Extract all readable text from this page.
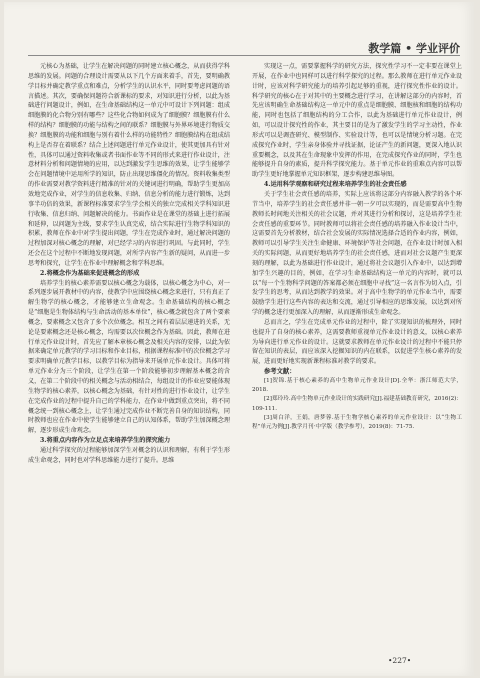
教学篇 • 学业评价

元核心为基础，让学生在解决问题的同时建立核心概念，从而获得学科思维的发展。问题的合理设计需要从以下几个方面来着手，首先，要明确教学目标并确定教学重点和难点，分析学生的认识水平，同时要考虑问题的语言描述。其次，要确保问题符合新课标的要求，对知识进行分析，以此为基础进行问题设计，例如，在生命基础结构这一单元中可设计下列问题：组成细胞膜的化合物分别有哪些？这些化合物如何成为了细胞膜？细胞膜有什么样的结构？细胞膜的功能与结构之间的联系？细胞膜与外界环境进行物质交换？细胞膜的功能和细胞与别有着什么样的功能特性？细胞膜结构在组成结构上是否存在着联系？结合上述问题进行单元作业设计，使其更加具有针对性，具体可以通过资料收集或者书面作业等不同的形式来进行作业设计，注意材料分析和问题情境的应用，以达到激发学生思维的效果，让学生能够学会在问题情境中运用所学的知识，防止出现思维僵化的情况。资料收集类型的作业需要对教学资料进行精准的针对的关键词进行明确，帮助学生更加高效地完成作业，对学生的信息收集、归纳、信息分析的能力进行锻炼，达到事半功倍的效果，新课程标准要求学生学会相关的独立完成相关学科知识进行收集、信息归纳、问题解决的能力。书面作业是在课堂的基础上进行拓展和延伸，以问题为主线，要求学生认真完成，结合实际进行生物学科知识的积累，教师在作业中对学生提出问题，学生在完成作业时，通过解决问题的过程加深对核心概念的理解，对已经学习的内容进行巩固。与此同时，学生还会在这个过程中不断地发现问题，对所学内容产生新的疑问，从而进一步思考和探究，让学生在作业中理解概念和学科思维。

2.将概念作为基础来促进概念的形成

培养学生的核心素养需要以核心概念为载体，以核心概念为中心，对一系列逐步展开教材中的内容，使教学中应围绕核心概念来进行，只有真正了解生物学的核心概念，才能够建立生命观念。生命基础结构的核心概念是“细胞是生物体结构与生命活动的基本单位”，核心概念就包含了两个要素概念，要素概念又包含了多个次位概念。相互之间有着层层递进的关系，无论是要素概念还是核心概念，均需要以次位概念作为基础。因此，教师在进行单元作业设计时，首先应了解本章核心概念及相关内容的安排，以此为依据来确定单元教学的学习目标和作业目标，根据课程标准中的次位概念学习要求明确单元教学目标，以教学目标为指导来开展单元作业设计。具体可将单元作业分为三个阶段，让学生在第一个阶段能够初步理解基本概念的含义，在第二个阶段中的相关概念与活动相结合，每组设计的作业应要能体现生物学的核心素养，以核心概念为基础，有针对性的进行作业设计，让学生在完成作业的过程中提升自己的学科能力，在作业中做到重点突出，将不同概念统一到核心概念上，让学生通过完成作业不断完善自身的知识结构，同时教师也应在作业中使学生能够建立自己的认知体系，帮助学生加深概念理解，逐步形成生命观念。

3.将重点内容作为立足点来培养学生的探究能力

通过科学探究的过程能够加深学生对概念的认识和理解，有利于学生形成生命观念，同时也对学科思维能力进行了提升。思维

实现这一点，需要掌握科学的研究方法，探究性学习不一定非要在课堂上开展，在作业中也同样可以进行科学探究的过程。那么教师在进行单元作业设计时，应该对科学研究能力的培养引起足够的重视，进行探究性作业的设计。科学研究的核心在于对其中的主要概念进行学习，在讲解这部分的内容时，首先应该明确生命基础结构这一单元中的重点是细胞膜、细胞核和细胞的结构功能，同时也包括了细胞结构的分工合作，以此为基础进行单元作业设计，例如，可以设计探究性的作业，其主要目的是为了激发学生的学习主动性，作业形式可以是调查研究、模型制作、实验设计等，也可以是情境分析习题。在完成探究作业时，学生亲身体验并寻找证据，论证产生的新问题，更深入地认识重要概念，以及其在生命现象中发挥的作用，在完成探究作业的同时，学生也能够提升自身的素质，提升科学探究能力。基于单元作业的重难点内容可以帮助学生更好地掌握单元知识框架，逐步构建思维导图。

4.运用科学观察和研究过程来培养学生的社会责任感

关于学生社会责任感的培养，实际上应该将这部分内容融入教学的各个环节当中，培养学生的社会责任感并非一朝一夕可以实现的，而是需要高中生物教师长时间地关注相关的社会议题，并对其进行分析和探讨，这是培养学生社会责任感的重要环节。同时教师可以将社会责任感的培养融入作业设计当中，这需要首先分析教材，结合社会发展的实际情况选择合适的作业内容，例如，教师可以引导学生关注生命健康、环境保护等社会问题，在作业设计时加入相关的实际问题，从而更好地培养学生的社会责任感，进而对社会议题产生更深刻的理解，以此为基础进行作业设计，通过将社会议题引入作业中，以达到增加学生兴趣的目的，例如，在学习生命基础结构这一单元的内容时，就可以以“每一个生物科学问题的答案都必须在细胞中寻找”这一名言作为切入点，引发学生的思考，从而达到教学的效果。对于高中生物学的单元作业当中，需要鼓励学生进行这些内容的表达和交流，通过引导相应的思维发展，以达到对所学的概念进行更加深入的理解，从而逐渐形成生命观念。

总而言之，学生在完成单元作业的过程中，除了实现知识的梳理外，同时也提升了自身的核心素养，这需要教师重视单元作业设计的意义，以核心素养为导向进行单元作业的设计。这就要求教师在单元作业设计的过程中不能只停留在知识的表层，而应该深入挖掘知识的内在联系，以促进学生核心素养的发展，进而更好地实现新课程标准对教学的要求。

参考文献：

[1]贺锦.基于核心素养的高中生物单元作业设计[D].全华：浙江师范大学，2018.

[2]郑玲玲.高中生物单元作业设计的实践研究[J].福建基础教育研究，2016(2)：109-111.

[3]周白洋，王娟，唐梦蓉.基于生物学核心素养的单元作业设计：以“生物工程”单元为例[J].教学月刊·中学版（教学参考），2019(8)：71-75.

•227•
